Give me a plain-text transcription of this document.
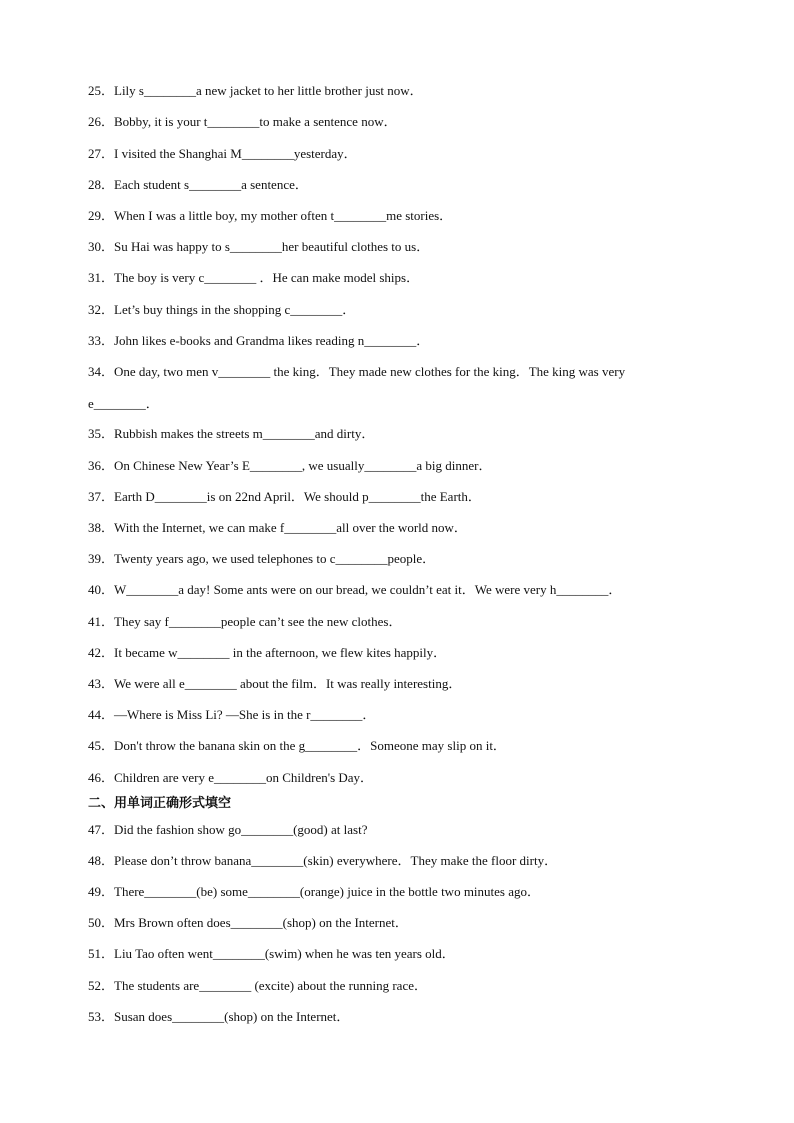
25．Lily s________a new jacket to her little brother just now．
26．Bobby, it is your t________to make a sentence now．
27．I visited the Shanghai M________yesterday．
28．Each student s________a sentence．
29．When I was a little boy, my mother often t________me stories．
30．Su Hai was happy to s________her beautiful clothes to us．
31．The boy is very c________ ．He can make model ships．
32．Let’s buy things in the shopping c________．
33．John likes e-books and Grandma likes reading n________．
34．One day, two men v________ the king．They made new clothes for the king．The king was very
e________．
35．Rubbish makes the streets m________and dirty．
36．On Chinese New Year’s E________, we usually________a big dinner．
37．Earth D________is on 22nd April．We should p________the Earth．
38．With the Internet, we can make f________all over the world now．
39．Twenty years ago, we used telephones to c________people．
40．W________a day! Some ants were on our bread, we couldn’t eat it．We were very h________．
41．They say f________people can’t see the new clothes．
42．It became w________ in the afternoon, we flew kites happily．
43．We were all e________ about the film．It was really interesting．
44．—Where is Miss Li? —She is in the r________．
45．Don't throw the banana skin on the g________．Someone may slip on it．
46．Children are very e________on Children's Day．
二、用单词正确形式填空
47．Did the fashion show go________(good) at last?
48．Please don’t throw banana________(skin) everywhere．They make the floor dirty．
49．There________(be) some________(orange) juice in the bottle two minutes ago．
50．Mrs Brown often does________(shop) on the Internet．
51．Liu Tao often went________(swim) when he was ten years old．
52．The students are________ (excite) about the running race．
53．Susan does________(shop) on the Internet．
